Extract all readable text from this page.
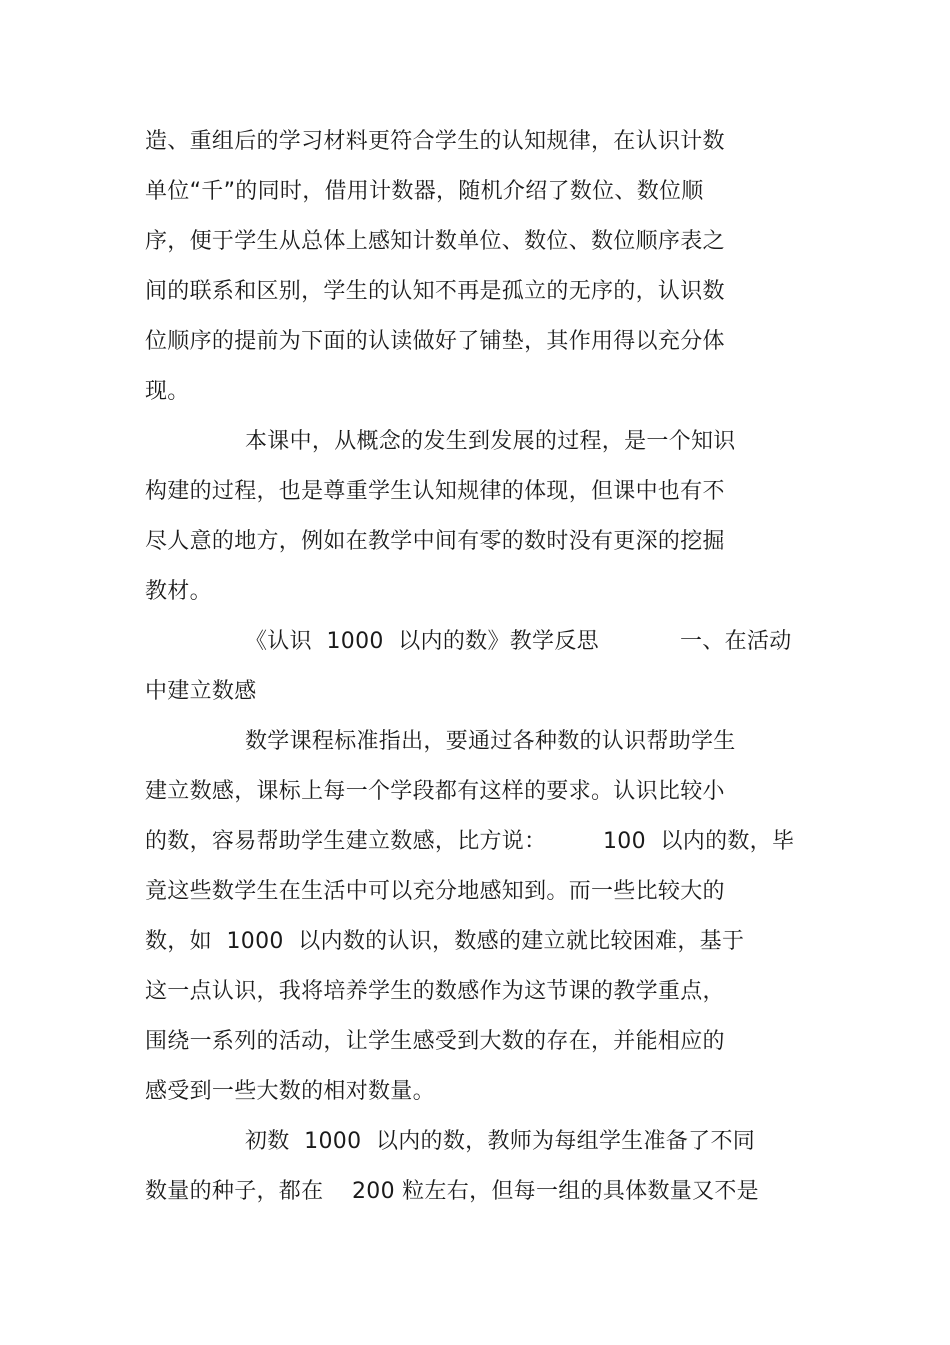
造、重组后的学习材料更符合学生的认知规律，在认识计数

单位“千”的同时，借用计数器，随机介绍了数位、数位顺

序，便于学生从总体上感知计数单位、数位、数位顺序表之

间的联系和区别，学生的认知不再是孤立的无序的，认识数

位顺序的提前为下面的认读做好了铺垫，其作用得以充分体

现。

本课中，从概念的发生到发展的过程，是一个知识

构建的过程，也是尊重学生认知规律的体现，但课中也有不

尽人意的地方，例如在教学中间有零的数时没有更深的挖掘

教材。

《认识  1000  以内的数》教学反思	一、在活动

中建立数感

数学课程标准指出，要通过各种数的认识帮助学生

建立数感，课标上每一个学段都有这样的要求。认识比较小

的数，容易帮助学生建立数感，比方说：	100  以内的数，毕

竟这些数学生在生活中可以充分地感知到。而一些比较大的

数，如  1000  以内数的认识，数感的建立就比较困难，基于

这一点认识，我将培养学生的数感作为这节课的教学重点，

围绕一系列的活动，让学生感受到大数的存在，并能相应的

感受到一些大数的相对数量。

初数  1000  以内的数，教师为每组学生准备了不同

数量的种子，都在 200 粒左右，但每一组的具体数量又不是
